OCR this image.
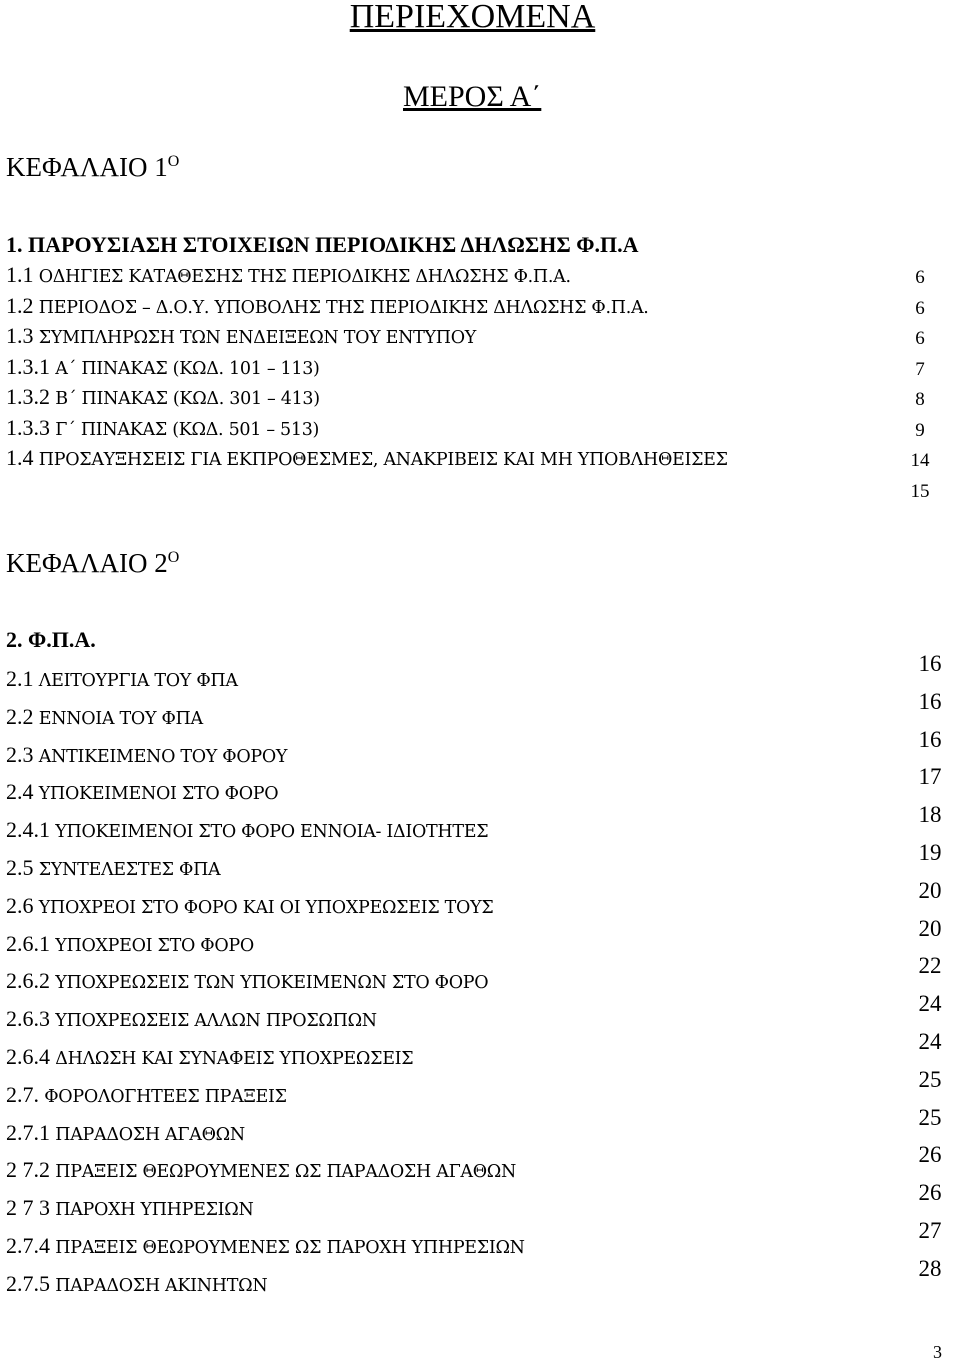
ΠΕΡΙΕΧΟΜΕΝΑ
ΜΕΡΟΣ Α΄
ΚΕΦΑΛΑΙΟ $1^O$
1. ΠΑΡΟΥΣΙΑΣΗ ΣΤΟΙΧΕΙΩΝ ΠΕΡΙΟΔΙΚΗΣ ΔΗΛΩΣΗΣ Φ.Π.Α
1.1 ΟΔΗΓΙΕΣ ΚΑΤΑΘΕΣΗΣ ΤΗΣ ΠΕΡΙΟΔΙΚΗΣ ΔΗΛΩΣΗΣ Φ.Π.Α.
1.2 ΠΕΡΙΟΔΟΣ – Δ.Ο.Υ. ΥΠΟΒΟΛΗΣ ΤΗΣ ΠΕΡΙΟΔΙΚΗΣ ΔΗΛΩΣΗΣ Φ.Π.Α.
1.3 ΣΥΜΠΛΗΡΩΣΗ ΤΩΝ ΕΝΔΕΙΞΕΩΝ ΤΟΥ ΕΝΤΥΠΟΥ
1.3.1 Α΄ ΠΙΝΑΚΑΣ (ΚΩΔ. 101 – 113)
1.3.2 Β΄ ΠΙΝΑΚΑΣ (ΚΩΔ. 301 – 413)
1.3.3 Γ΄ ΠΙΝΑΚΑΣ (ΚΩΔ. 501 – 513)
1.4 ΠΡΟΣΑΥΞΗΣΕΙΣ ΓΙΑ ΕΚΠΡΟΘΕΣΜΕΣ, ΑΝΑΚΡΙΒΕΙΣ ΚΑΙ ΜΗ ΥΠΟΒΛΗΘΕΙΣΕΣ
6
6
6
7
8
9
14
15
ΚΕΦΑΛΑΙΟ $2^O$
2. Φ.Π.Α.
2.1 ΛΕΙΤΟΥΡΓΙΑ ΤΟΥ ΦΠΑ
2.2 ΕΝΝΟΙΑ ΤΟΥ ΦΠΑ
2.3 ΑΝΤΙΚΕΙΜΕΝΟ ΤΟΥ ΦΟΡΟΥ
2.4 ΥΠΟΚΕΙΜΕΝΟΙ ΣΤΟ ΦΟΡΟ
2.4.1 ΥΠΟΚΕΙΜΕΝΟΙ ΣΤΟ ΦΟΡΟ ΕΝΝΟΙΑ- ΙΔΙΟΤΗΤΕΣ
2.5 ΣΥΝΤΕΛΕΣΤΕΣ ΦΠΑ
2.6 ΥΠΟΧΡΕΟΙ ΣΤΟ ΦΟΡΟ ΚΑΙ ΟΙ ΥΠΟΧΡΕΩΣΕΙΣ ΤΟΥΣ
2.6.1 ΥΠΟΧΡΕΟΙ ΣΤΟ ΦΟΡΟ
2.6.2 ΥΠΟΧΡΕΩΣΕΙΣ ΤΩΝ ΥΠΟΚΕΙΜΕΝΩΝ ΣΤΟ ΦΟΡΟ
2.6.3 ΥΠΟΧΡΕΩΣΕΙΣ ΑΛΛΩΝ ΠΡΟΣΩΠΩΝ
2.6.4 ΔΗΛΩΣΗ ΚΑΙ ΣΥΝΑΦΕΙΣ ΥΠΟΧΡΕΩΣΕΙΣ
2.7. ΦΟΡΟΛΟΓΗΤΕΕΣ ΠΡΑΞΕΙΣ
2.7.1 ΠΑΡΑΔΟΣΗ ΑΓΑΘΩΝ
2 7.2 ΠΡΑΞΕΙΣ ΘΕΩΡΟΥΜΕΝΕΣ ΩΣ ΠΑΡΑΔΟΣΗ ΑΓΑΘΩΝ
2 7 3 ΠΑΡΟΧΗ ΥΠΗΡΕΣΙΩΝ
2.7.4 ΠΡΑΞΕΙΣ ΘΕΩΡΟΥΜΕΝΕΣ ΩΣ ΠΑΡΟΧΗ ΥΠΗΡΕΣΙΩΝ
2.7.5 ΠΑΡΑΔΟΣΗ ΑΚΙΝΗΤΩΝ
16
16
16
17
18
19
20
20
22
24
24
25
25
26
26
27
28
3
